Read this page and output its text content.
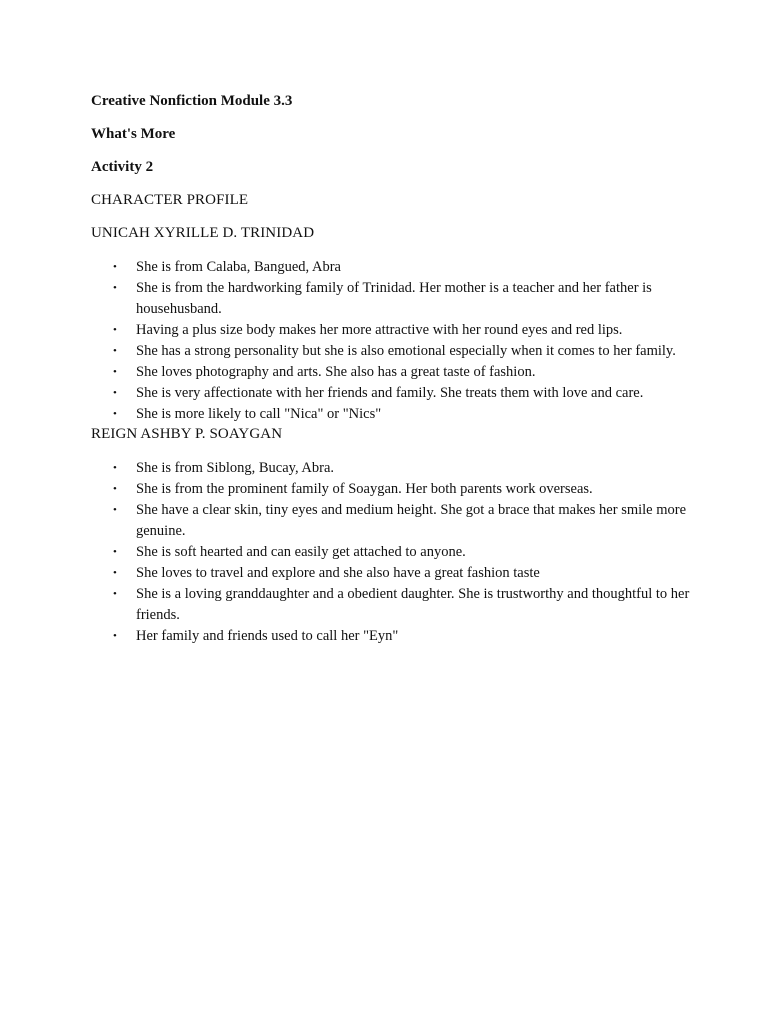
Creative Nonfiction Module 3.3

What's More

Activity 2

CHARACTER PROFILE

UNICAH XYRILLE D. TRINIDAD

• She is from Calaba, Bangued, Abra
• She is from the hardworking family of Trinidad. Her mother is a teacher and her father is househusband.
• Having a plus size body makes her more attractive with her round eyes and red lips.
• She has a strong personality but she is also emotional especially when it comes to her family.
• She loves photography and arts. She also has a great taste of fashion.
• She is very affectionate with her friends and family. She treats them with love and care.
• She is more likely to call "Nica" or "Nics"

REIGN ASHBY P. SOAYGAN

• She is from Siblong, Bucay, Abra.
• She is from the prominent family of Soaygan. Her both parents work overseas.
• She have a clear skin, tiny eyes and medium height. She got a brace that makes her smile more genuine.
• She is soft hearted and can easily get attached to anyone.
• She loves to travel and explore and she also have a great fashion taste
• She is a loving granddaughter and a obedient daughter. She is trustworthy and thoughtful to her friends.
• Her family and friends used to call her "Eyn"
